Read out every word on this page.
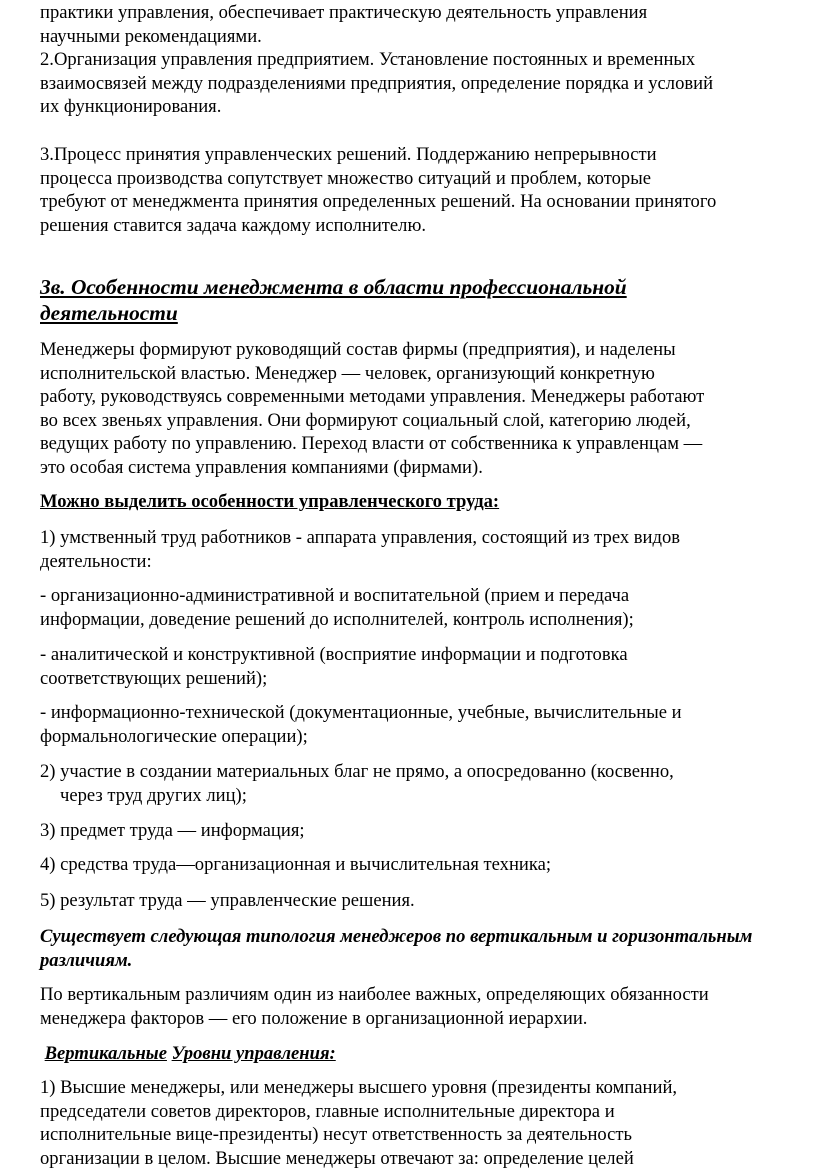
практики управления, обеспечивает практическую деятельность управления
научными рекомендациями.

2.Организация управления предприятием. Установление постоянных и временных
взаимосвязей между подразделениями предприятия, определение порядка и условий
их функционирования.

3.Процесс принятия управленческих решений. Поддержанию непрерывности
процесса производства сопутствует множество ситуаций и проблем, которые
требуют от менеджмента принятия определенных решений. На основании принятого
решения ставится задача каждому исполнителю.

3в. Особенности менеджмента в области профессиональной
деятельности

Менеджеры формируют руководящий состав фирмы (предприятия), и наделены
исполнительской властью. Менеджер — человек, организующий конкретную
работу, руководствуясь современными методами управления. Менеджеры работают
во всех звеньях управления. Они формируют социальный слой, категорию людей,
ведущих работу по управлению. Переход власти от собственника к управленцам —
это особая система управления компаниями (фирмами).

Можно выделить особенности управленческого труда:

1) умственный труд работников - аппарата управления, состоящий из трех видов
деятельности:

- организационно-административной и воспитательной (прием и передача
информации, доведение решений до исполнителей, контроль исполнения);

- аналитической и конструктивной (восприятие информации и подготовка
соответствующих решений);

- информационно-технической (документационные, учебные, вычислительные и
формальнологические операции);

2) участие в создании материальных благ не прямо, а опосредованно (косвенно,
через труд других лиц);

3) предмет труда — информация;

4) средства труда—организационная и вычислительная техника;

5) результат труда — управленческие решения.

Существует следующая типология менеджеров по вертикальным и горизонтальным
различиям.

По вертикальным различиям один из наиболее важных, определяющих обязанности
менеджера факторов — его положение в организационной иерархии.

Вертикальные Уровни управления:

1) Высшие менеджеры, или менеджеры высшего уровня (президенты компаний,
председатели советов директоров, главные исполнительные директора и
исполнительные вице-президенты) несут ответственность за деятельность
организации в целом. Высшие менеджеры отвечают за: определение целей
